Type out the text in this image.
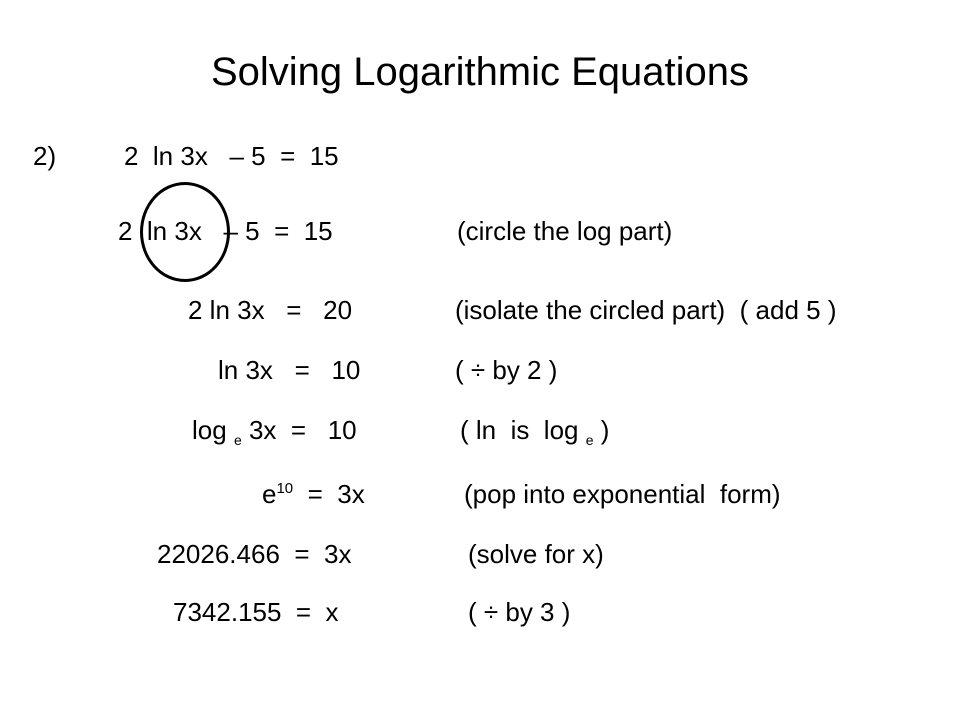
Solving Logarithmic Equations
2)	2  ln 3x   – 5  =  15
2  ln 3x   – 5  =  15	(circle the log part)
2 ln 3x   =   20	(isolate the circled part)  ( add 5 )
ln 3x   =   10	( ÷ by 2 )
log $_e$ 3x  =   10	( ln  is  log $_e$ )
$e^{10} = 3x$	(pop into exponential  form)
22026.466  =  3x	(solve for x)
7342.155  =  x	( ÷ by 3 )
